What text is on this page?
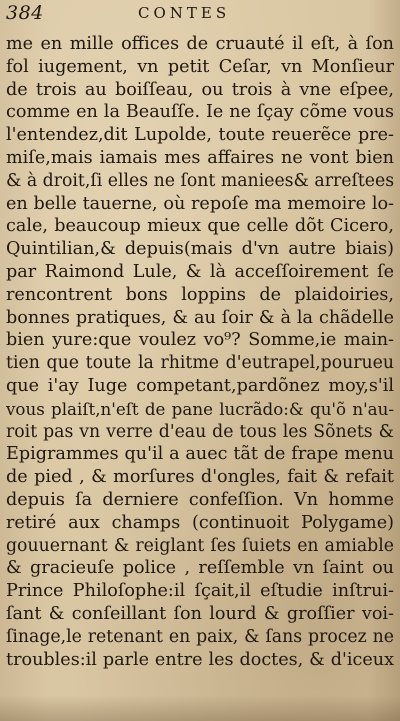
384	CONTES
me en mille offices de cruauté il eſt, à ſon
fol iugement, vn petit Ceſar, vn Monſieur
de trois au boiſſeau, ou trois à vne eſpee,
comme en la Beauſſe. Ie ne ſçay cõme vous
l'entendez,dit Lupolde, toute reuerẽce pre-
miſe,mais iamais mes affaires ne vont bien
& à droit,ſi elles ne ſont maniees& arreſtees
en belle tauerne, où repoſe ma memoire lo-
cale, beaucoup mieux que celle dõt Cicero,
Quintilian,& depuis(mais d'vn autre biais)
par Raimond Lule, & là acceſſoirement ſe
rencontrent bons loppins de plaidoiries,
bonnes pratiques, & au ſoir & à la chãdelle
bien yure:que voulez vo⁹? Somme,ie main-
tien que toute la rhitme d'eutrapel,pourueu
que i'ay Iuge competant,pardõnez moy,s'il
vous plaiſt,n'eſt de pane lucrãdo:& qu'õ n'au-
roit pas vn verre d'eau de tous les Sõnets &
Epigrammes qu'il a auec tãt de frape menu
de pied , & morſures d'ongles, fait & refait
depuis ſa derniere confeſſion. Vn homme
retiré aux champs (continuoit Polygame)
gouuernant & reiglant ſes ſuiets en amiable
& gracieuſe police , reſſemble vn ſaint ou
Prince Philoſophe:il ſçait,il eſtudie inſtrui-
ſant & conſeillant ſon lourd & groſſier voi-
ſinage,le retenant en paix, & ſans procez ne
troubles:il parle entre les doctes, & d'iceux
